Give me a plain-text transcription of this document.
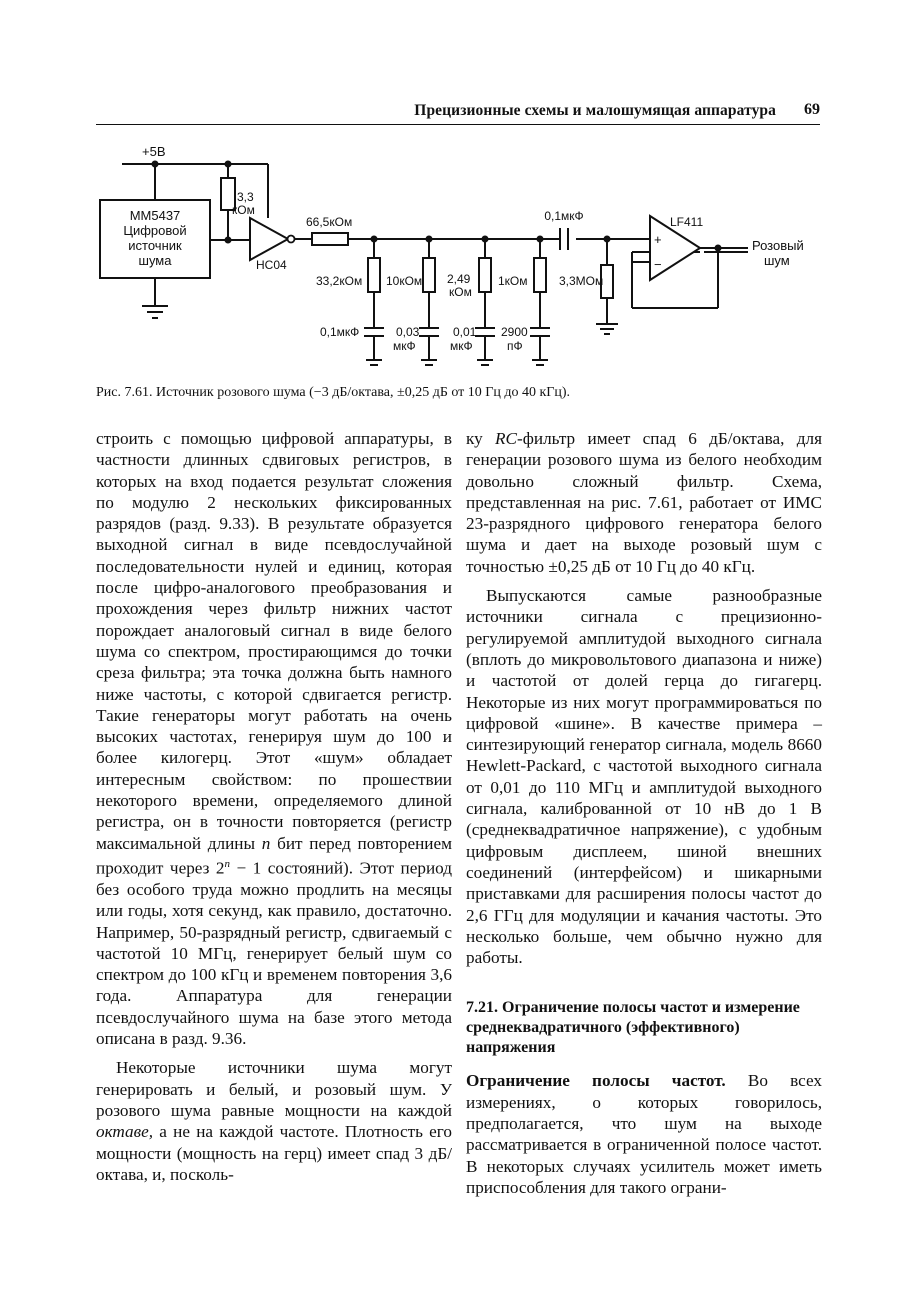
Прецизионные схемы и малошумящая аппаратура 69
+5В
MM5437
Цифровой
источник
шума
3,3
кОм
HC04
66,5кОм	0,1мкФ	LF411
+
−
Розовый
шум
33,2кОм 10кОм 2,49
кОм
1кОм	3,3МОм
0,1мкФ	0,03
мкФ
0,01
мкФ
2900
пФ
Рис. 7.61. Источник розового шума (−3 дБ/октава, ±0,25 дБ от 10 Гц до 40 кГц).

строить с помощью цифровой аппаратуры, в частности длинных сдвиговых регистров, в которых на вход подается результат сложения по модулю 2 нескольких фиксированных разрядов (разд. 9.33). В результате образуется выходной сигнал в виде псевдослучайной последовательности нулей и единиц, которая после цифро-аналогового преобразования и прохождения через фильтр нижних частот порождает аналоговый сигнал в виде белого шума со спектром, простирающимся до точки среза фильтра; эта точка должна быть намного ниже частоты, с которой сдвигается регистр. Такие генераторы могут работать на очень высоких частотах, генерируя шум до 100 и более килогерц. Этот «шум» обладает интересным свойством: по прошествии некоторого времени, определяемого длиной регистра, он в точности повторяется (регистр максимальной длины n бит перед повторением проходит через $2^n - 1$ состояний). Этот период без особого труда можно продлить на месяцы или годы, хотя секунд, как правило, достаточно. Например, 50-разрядный регистр, сдвигаемый с частотой 10 МГц, генерирует белый шум со спектром до 100 кГц и временем повторения 3,6 года. Аппаратура для генерации псевдослучайного шума на базе этого метода описана в разд. 9.36.

Некоторые источники шума могут генерировать и белый, и розовый шум. У розового шума равные мощности на каждой октаве, а не на каждой частоте. Плотность его мощности (мощность на герц) имеет спад 3 дБ/октава, и, посколь-

ку RC-фильтр имеет спад 6 дБ/октава, для генерации розового шума из белого необходим довольно сложный фильтр. Схема, представленная на рис. 7.61, работает от ИМС 23-разрядного цифрового генератора белого шума и дает на выходе розовый шум с точностью ±0,25 дБ от 10 Гц до 40 кГц.

Выпускаются самые разнообразные источники сигнала с прецизионно-регулируемой амплитудой выходного сигнала (вплоть до микровольтового диапазона и ниже) и частотой от долей герца до гигагерц. Некоторые из них могут программироваться по цифровой «шине». В качестве примера – синтезирующий генератор сигнала, модель 8660 Hewlett-Packard, с частотой выходного сигнала от 0,01 до 110 МГц и амплитудой выходного сигнала, калиброванной от 10 нВ до 1 В (среднеквадратичное напряжение), с удобным цифровым дисплеем, шиной внешних соединений (интерфейсом) и шикарными приставками для расширения полосы частот до 2,6 ГГц для модуляции и качания частоты. Это несколько больше, чем обычно нужно для работы.

7.21. Ограничение полосы частот и измерение среднеквадратичного (эффективного) напряжения

Ограничение полосы частот. Во всех измерениях, о которых говорилось, предполагается, что шум на выходе рассматривается в ограниченной полосе частот. В некоторых случаях усилитель может иметь приспособления для такого ограни-
